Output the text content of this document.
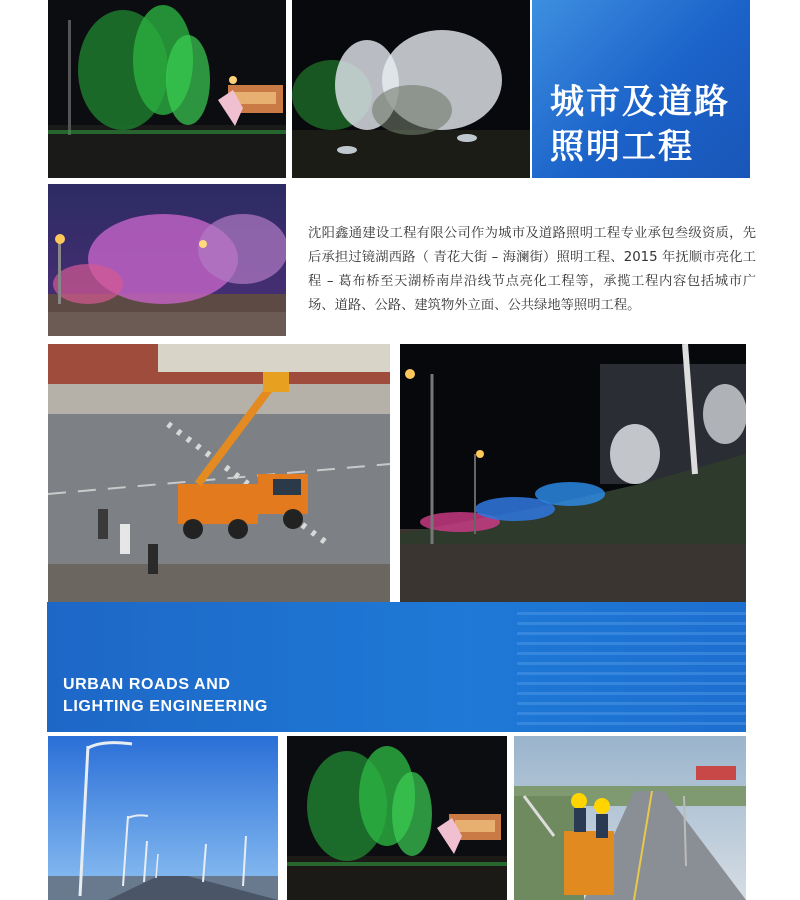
城市及道路
照明工程
沈阳鑫通建设工程有限公司作为城市及道路照明工程专业承包叁级资质，先后承担过镜湖西路（ 青花大街 – 海澜街）照明工程、2015 年抚顺市亮化工程 – 葛布桥至天湖桥南岸沿线节点亮化工程等，承揽工程内容包括城市广场、道路、公路、建筑物外立面、公共绿地等照明工程。
URBAN ROADS AND
LIGHTING ENGINEERING
